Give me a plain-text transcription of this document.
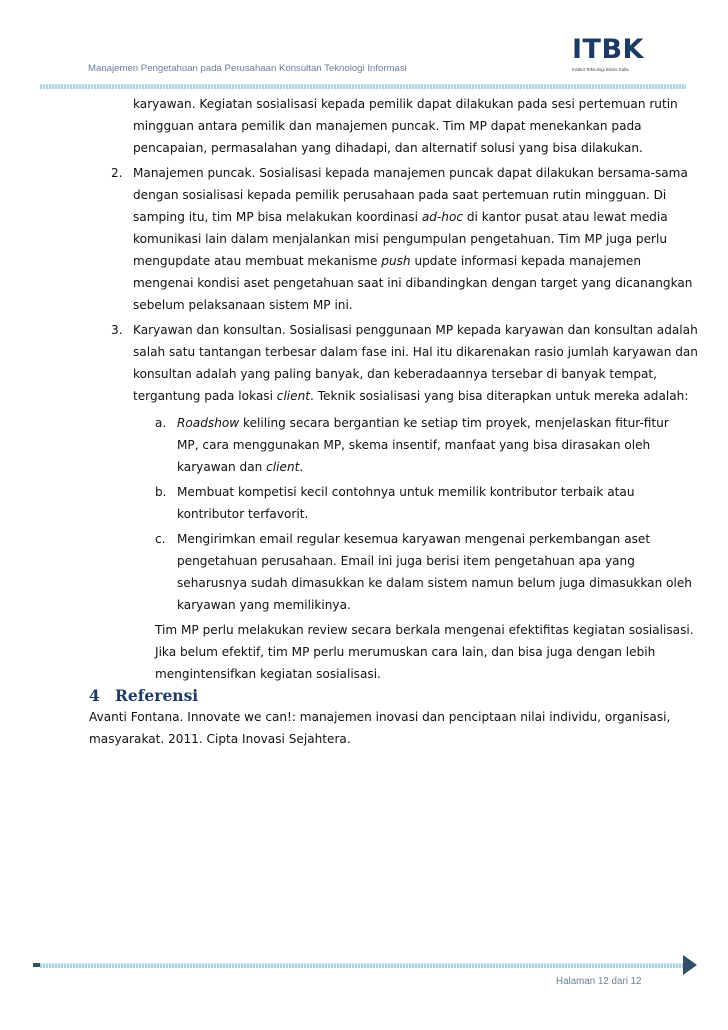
Manajemen Pengetahuan pada Perusahaan Konsultan Teknologi Informasi
ITBK
Institut Teknologi Bisnis Kalla
karyawan. Kegiatan sosialisasi kepada pemilik dapat dilakukan pada sesi pertemuan rutin
mingguan antara pemilik dan manajemen puncak. Tim MP dapat menekankan pada
pencapaian, permasalahan yang dihadapi, dan alternatif solusi yang bisa dilakukan.
2. Manajemen puncak. Sosialisasi kepada manajemen puncak dapat dilakukan bersama-sama
dengan sosialisasi kepada pemilik perusahaan pada saat pertemuan rutin mingguan. Di
samping itu, tim MP bisa melakukan koordinasi ad-hoc di kantor pusat atau lewat media
komunikasi lain dalam menjalankan misi pengumpulan pengetahuan. Tim MP juga perlu
mengupdate atau membuat mekanisme push update informasi kepada manajemen
mengenai kondisi aset pengetahuan saat ini dibandingkan dengan target yang dicanangkan
sebelum pelaksanaan sistem MP ini.
3. Karyawan dan konsultan. Sosialisasi penggunaan MP kepada karyawan dan konsultan adalah
salah satu tantangan terbesar dalam fase ini. Hal itu dikarenakan rasio jumlah karyawan dan
konsultan adalah yang paling banyak, dan keberadaannya tersebar di banyak tempat,
tergantung pada lokasi client. Teknik sosialisasi yang bisa diterapkan untuk mereka adalah:
a. Roadshow keliling secara bergantian ke setiap tim proyek, menjelaskan fitur-fitur
MP, cara menggunakan MP, skema insentif, manfaat yang bisa dirasakan oleh
karyawan dan client.
b. Membuat kompetisi kecil contohnya untuk memilik kontributor terbaik atau
kontributor terfavorit.
c. Mengirimkan email regular kesemua karyawan mengenai perkembangan aset
pengetahuan perusahaan. Email ini juga berisi item pengetahuan apa yang
seharusnya sudah dimasukkan ke dalam sistem namun belum juga dimasukkan oleh
karyawan yang memilikinya.
Tim MP perlu melakukan review secara berkala mengenai efektifitas kegiatan sosialisasi.
Jika belum efektif, tim MP perlu merumuskan cara lain, dan bisa juga dengan lebih
mengintensifkan kegiatan sosialisasi.
4 Referensi
Avanti Fontana. Innovate we can!: manajemen inovasi dan penciptaan nilai individu, organisasi,
masyarakat. 2011. Cipta Inovasi Sejahtera.
Halaman 12 dari 12
